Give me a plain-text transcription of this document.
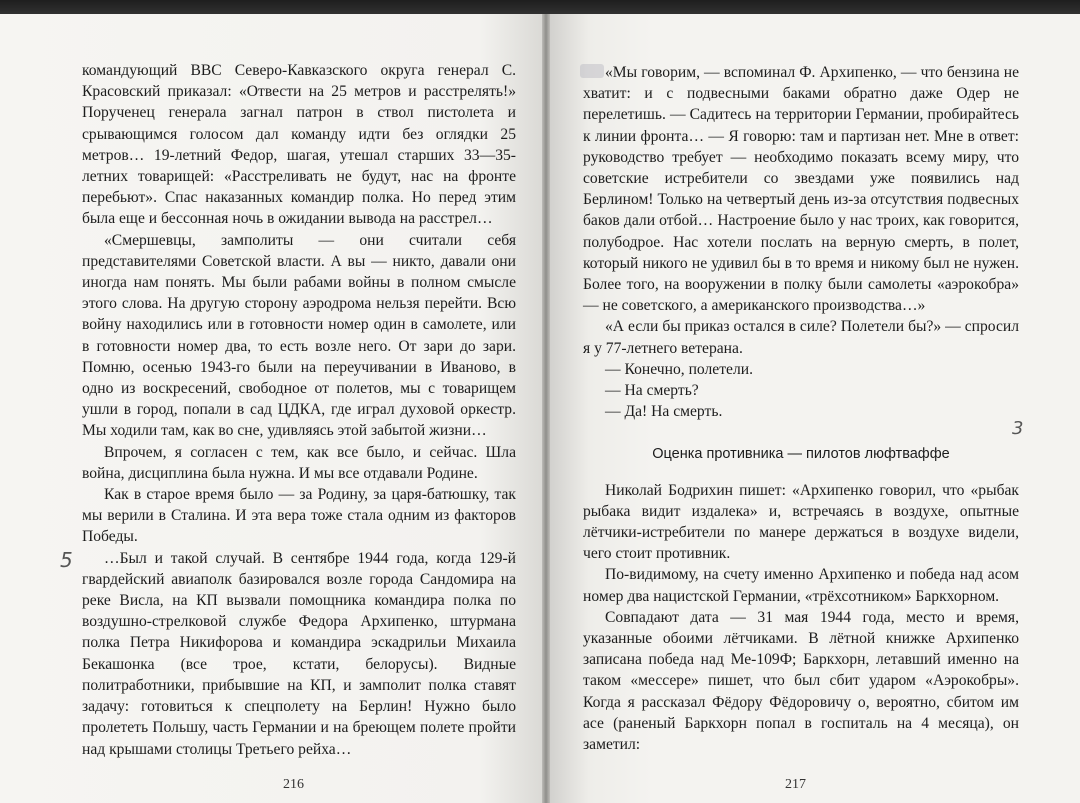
командующий ВВС Северо-Кавказского округа генерал С. Красовский приказал: «Отвести на 25 метров и расстрелять!» Порученец генерала загнал патрон в ствол пистолета и срывающимся голосом дал команду идти без оглядки 25 метров… 19-летний Федор, шагая, утешал старших 33—35-летних товарищей: «Расстреливать не будут, нас на фронте перебьют». Спас наказанных командир полка. Но перед этим была еще и бессонная ночь в ожидании вывода на расстрел…

«Смершевцы, замполиты — они считали себя представителями Советской власти. А вы — никто, давали они иногда нам понять. Мы были рабами войны в полном смысле этого слова. На другую сторону аэродрома нельзя перейти. Всю войну находились или в готовности номер один в самолете, или в готовности номер два, то есть возле него. От зари до зари. Помню, осенью 1943-го были на переучивании в Иваново, в одно из воскресений, свободное от полетов, мы с товарищем ушли в город, попали в сад ЦДКА, где играл духовой оркестр. Мы ходили там, как во сне, удивляясь этой забытой жизни…

Впрочем, я согласен с тем, как все было, и сейчас. Шла война, дисциплина была нужна. И мы все отдавали Родине.

Как в старое время было — за Родину, за царя-батюшку, так мы верили в Сталина. И эта вера тоже стала одним из факторов Победы.

…Был и такой случай. В сентябре 1944 года, когда 129-й гвардейский авиаполк базировался возле города Сандомира на реке Висла, на КП вызвали помощника командира полка по воздушно-стрелковой службе Федора Архипенко, штурмана полка Петра Никифорова и командира эскадрильи Михаила Бекашонка (все трое, кстати, белорусы). Видные политработники, прибывшие на КП, и замполит полка ставят задачу: готовиться к спецполету на Берлин! Нужно было пролететь Польшу, часть Германии и на бреющем полете пройти над крышами столицы Третьего рейха…

«Мы говорим, — вспоминал Ф. Архипенко, — что бензина не хватит: и с подвесными баками обратно даже Одер не перелетишь. — Садитесь на территории Германии, пробирайтесь к линии фронта… — Я говорю: там и партизан нет. Мне в ответ: руководство требует — необходимо показать всему миру, что советские истребители со звездами уже появились над Берлином! Только на четвертый день из-за отсутствия подвесных баков дали отбой… Настроение было у нас троих, как говорится, полубодрое. Нас хотели послать на верную смерть, в полет, который никого не удивил бы в то время и никому был не нужен. Более того, на вооружении в полку были самолеты «аэрокобра» — не советского, а американского производства…»

«А если бы приказ остался в силе? Полетели бы?» — спросил я у 77-летнего ветерана.

— Конечно, полетели.

— На смерть?

— Да! На смерть.

Оценка противника — пилотов люфтваффе

Николай Бодрихин пишет: «Архипенко говорил, что «рыбак рыбака видит издалека» и, встречаясь в воздухе, опытные лётчики-истребители по манере держаться в воздухе видели, чего стоит противник.

По-видимому, на счету именно Архипенко и победа над асом номер два нацистской Германии, «трёхсотником» Баркхорном.

Совпадают дата — 31 мая 1944 года, место и время, указанные обоими лётчиками. В лётной книжке Архипенко записана победа над Ме-109Ф; Баркхорн, летавший именно на таком «мессере» пишет, что был сбит ударом «Аэрокобры». Когда я рассказал Фёдору Фёдоровичу о, вероятно, сбитом им асе (раненый Баркхорн попал в госпиталь на 4 месяца), он заметил:

5
3
216	217
